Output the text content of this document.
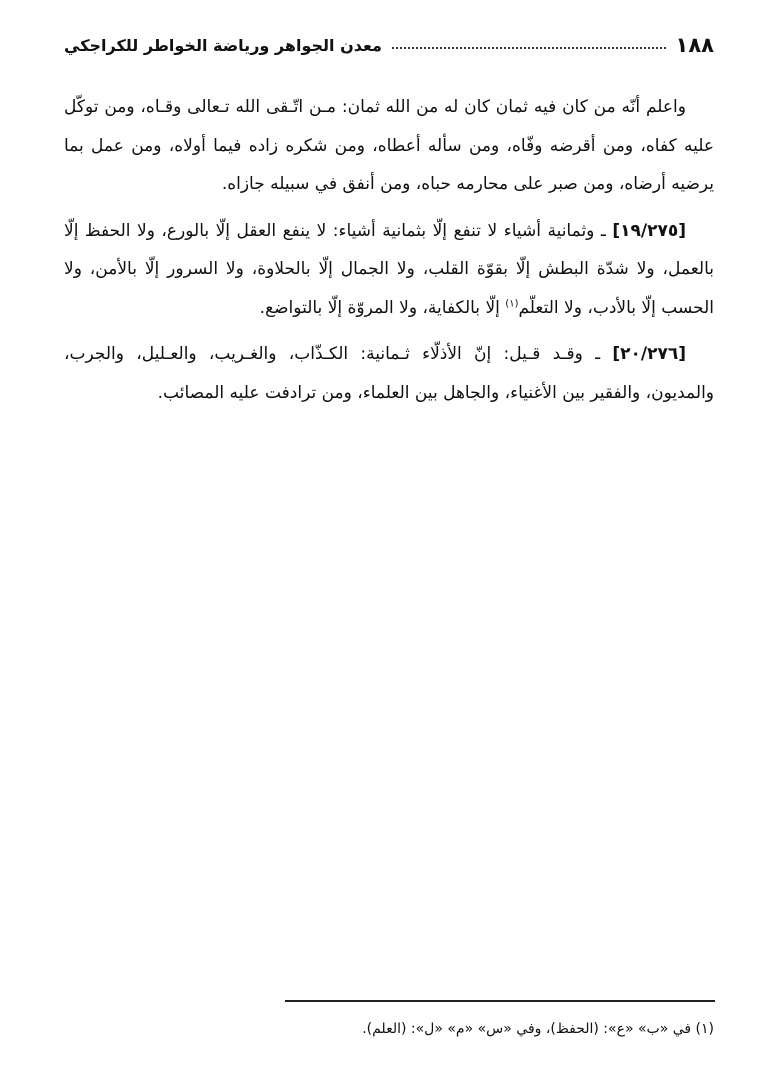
١٨٨
معدن الجواهر ورياضة الخواطر للكراجكي

واعلم أنّه من كان فيه ثمان كان له من الله ثمان: مـن اتّـقى الله تـعالى وقـاه، ومن توكّل عليه كفاه، ومن أقرضه وفّاه، ومن سأله أعطاه، ومن شكره زاده فيما أولاه، ومن عمل بما يرضيه أرضاه، ومن صبر على محارمه حباه، ومن أنفق في سبيله جازاه.

[١٩/٢٧٥] ـ وثمانية أشياء لا تنفع إلّا بثمانية أشياء: لا ينفع العقل إلّا بالورع، ولا الحفظ إلّا بالعمل، ولا شدّة البطش إلّا بقوّة القلب، ولا الجمال إلّا بالحلاوة، ولا السرور إلّا بالأمن، ولا الحسب إلّا بالأدب، ولا التعلّم$^{(١)}$ إلّا بالكفاية، ولا المروّة إلّا بالتواضع.

[٢٠/٢٧٦] ـ وقـد قـيل: إنّ الأذلّاء ثـمانية: الكـذّاب، والغـريب، والعـليل، والجرب، والمديون، والفقير بين الأغنياء، والجاهل بين العلماء، ومن ترادفت عليه المصائب.

(١) في «ب» «ع»: (الحفظ)، وفي «س» «م» «ل»: (العلم).
